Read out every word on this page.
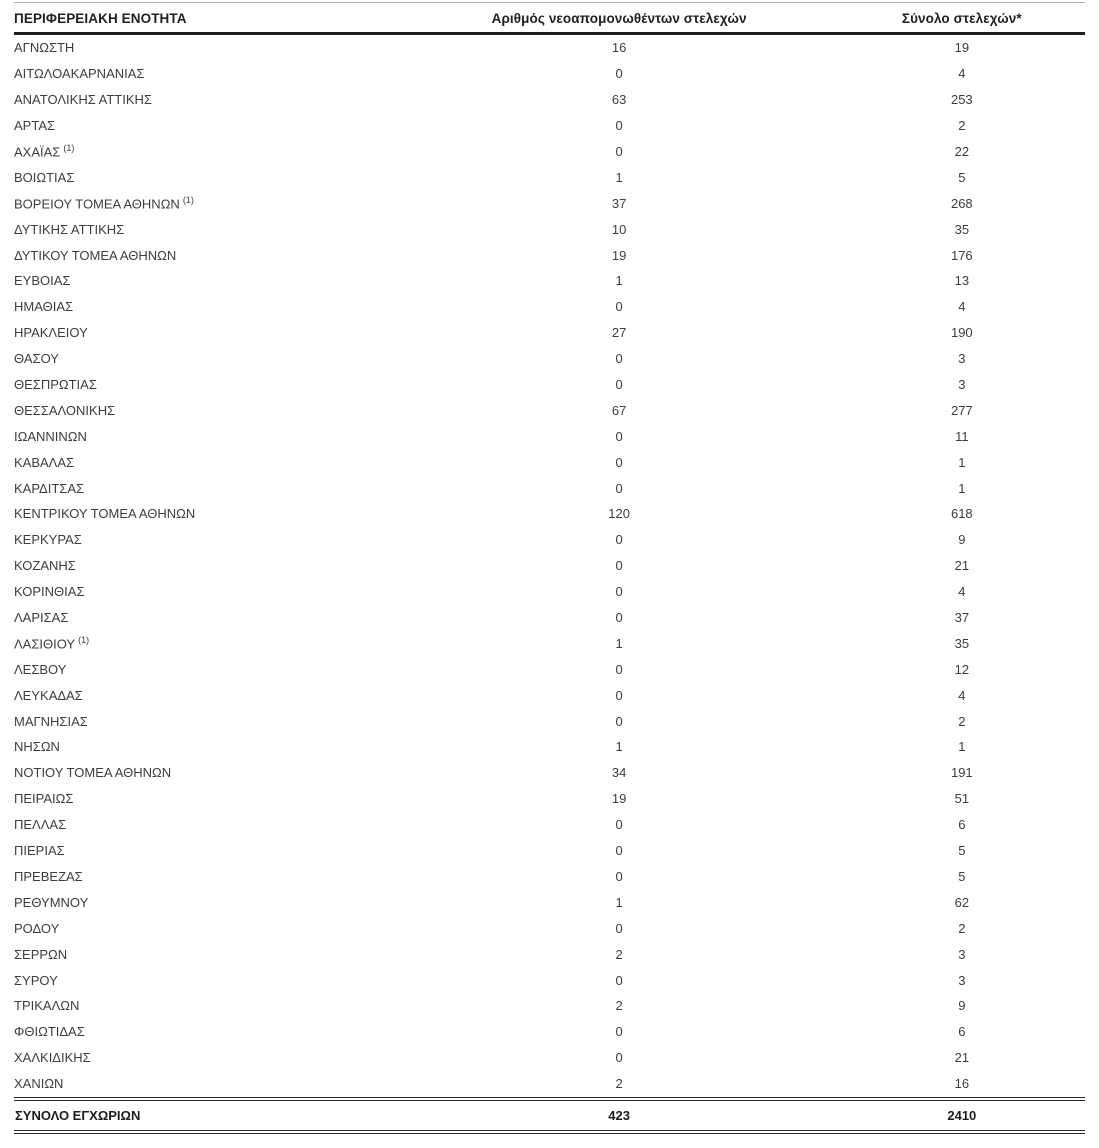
ΠΕΡΙΦΕΡΕΙΑΚΗ ΕΝΟΤΗΤΑ	Αριθμός νεοαπομονωθέντων στελεχών	Σύνολο στελεχών*
ΑΓΝΩΣΤΗ	16	19
ΑΙΤΩΛΟΑΚΑΡΝΑΝΙΑΣ	0	4
ΑΝΑΤΟΛΙΚΗΣ ΑΤΤΙΚΗΣ	63	253
ΑΡΤΑΣ	0	2
ΑΧΑΪΑΣ $^{(1)}$	0	22
ΒΟΙΩΤΙΑΣ	1	5
ΒΟΡΕΙΟΥ ΤΟΜΕΑ ΑΘΗΝΩΝ $^{(1)}$	37	268
ΔΥΤΙΚΗΣ ΑΤΤΙΚΗΣ	10	35
ΔΥΤΙΚΟΥ ΤΟΜΕΑ ΑΘΗΝΩΝ	19	176
ΕΥΒΟΙΑΣ	1	13
ΗΜΑΘΙΑΣ	0	4
ΗΡΑΚΛΕΙΟΥ	27	190
ΘΑΣΟΥ	0	3
ΘΕΣΠΡΩΤΙΑΣ	0	3
ΘΕΣΣΑΛΟΝΙΚΗΣ	67	277
ΙΩΑΝΝΙΝΩΝ	0	11
ΚΑΒΑΛΑΣ	0	1
ΚΑΡΔΙΤΣΑΣ	0	1
ΚΕΝΤΡΙΚΟΥ ΤΟΜΕΑ ΑΘΗΝΩΝ	120	618
ΚΕΡΚΥΡΑΣ	0	9
ΚΟΖΑΝΗΣ	0	21
ΚΟΡΙΝΘΙΑΣ	0	4
ΛΑΡΙΣΑΣ	0	37
ΛΑΣΙΘΙΟΥ $^{(1)}$	1	35
ΛΕΣΒΟΥ	0	12
ΛΕΥΚΑΔΑΣ	0	4
ΜΑΓΝΗΣΙΑΣ	0	2
ΝΗΣΩΝ	1	1
ΝΟΤΙΟΥ ΤΟΜΕΑ ΑΘΗΝΩΝ	34	191
ΠΕΙΡΑΙΩΣ	19	51
ΠΕΛΛΑΣ	0	6
ΠΙΕΡΙΑΣ	0	5
ΠΡΕΒΕΖΑΣ	0	5
ΡΕΘΥΜΝΟΥ	1	62
ΡΟΔΟΥ	0	2
ΣΕΡΡΩΝ	2	3
ΣΥΡΟΥ	0	3
ΤΡΙΚΑΛΩΝ	2	9
ΦΘΙΩΤΙΔΑΣ	0	6
ΧΑΛΚΙΔΙΚΗΣ	0	21
ΧΑΝΙΩΝ	2	16
ΣΥΝΟΛΟ ΕΓΧΩΡΙΩΝ	423	2410
